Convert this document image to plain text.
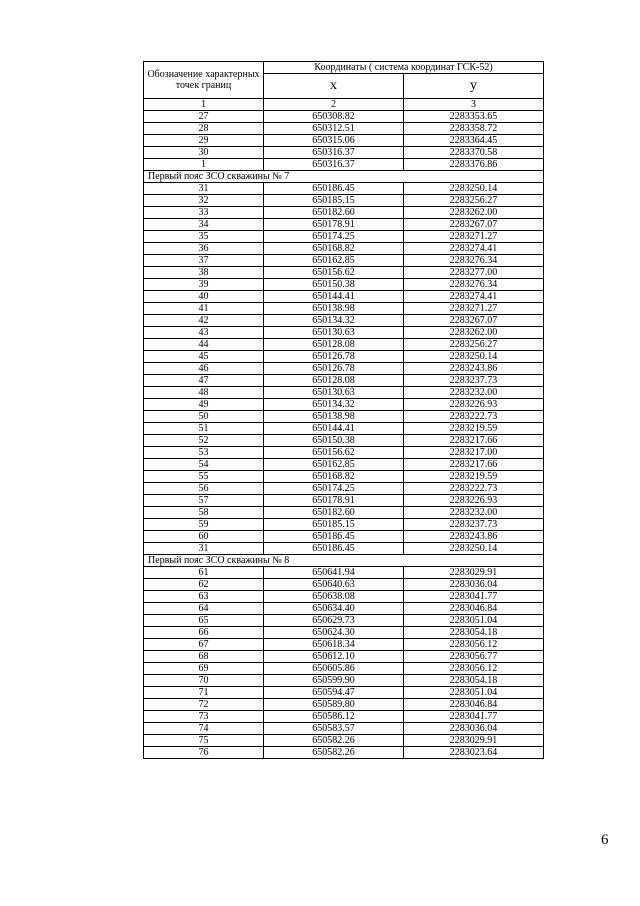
Обозначение характерных точек границ	Координаты ( система координат ГСК-52)	
	х	у
1	2	3
27	650308.82	2283353.65
28	650312.51	2283358.72
29	650315.06	2283364.45
30	650316.37	2283370.58
1	650316.37	2283376.86
Первый пояс ЗСО скважины № 7		
31	650186.45	2283250.14
32	650185.15	2283256.27
33	650182.60	2283262.00
34	650178.91	2283267.07
35	650174.25	2283271.27
36	650168.82	2283274.41
37	650162.85	2283276.34
38	650156.62	2283277.00
39	650150.38	2283276.34
40	650144.41	2283274.41
41	650138.98	2283271.27
42	650134.32	2283267.07
43	650130.63	2283262.00
44	650128.08	2283256.27
45	650126.78	2283250.14
46	650126.78	2283243.86
47	650128.08	2283237.73
48	650130.63	2283232.00
49	650134.32	2283226.93
50	650138.98	2283222.73
51	650144.41	2283219.59
52	650150.38	2283217.66
53	650156.62	2283217.00
54	650162.85	2283217.66
55	650168.82	2283219.59
56	650174.25	2283222.73
57	650178.91	2283226.93
58	650182.60	2283232.00
59	650185.15	2283237.73
60	650186.45	2283243.86
31	650186.45	2283250.14
Первый пояс ЗСО скважины № 8		
61	650641.94	2283029.91
62	650640.63	2283036.04
63	650638.08	2283041.77
64	650634.40	2283046.84
65	650629.73	2283051.04
66	650624.30	2283054.18
67	650618.34	2283056.12
68	650612.10	2283056.77
69	650605.86	2283056.12
70	650599.90	2283054.18
71	650594.47	2283051.04
72	650589.80	2283046.84
73	650586.12	2283041.77
74	650583.57	2283036.04
75	650582.26	2283029.91
76	650582.26	2283023.64
6
